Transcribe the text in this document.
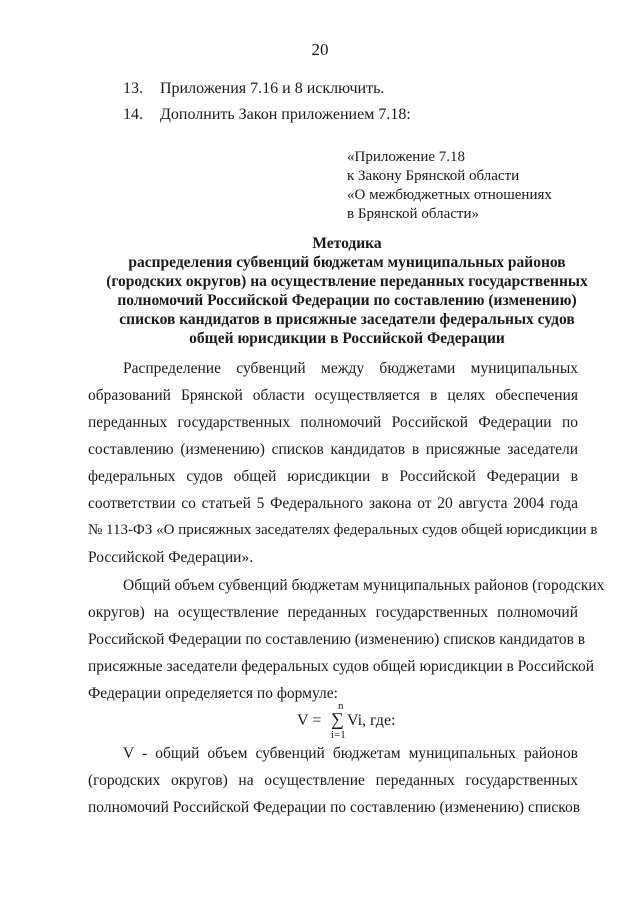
20
13. Приложения 7.16 и 8 исключить.
14. Дополнить Закон приложением 7.18:
«Приложение 7.18
к Закону Брянской области
«О межбюджетных отношениях
в Брянской области»
Методика
распределения субвенций бюджетам муниципальных районов
(городских округов) на осуществление переданных государственных
полномочий Российской Федерации по составлению (изменению)
списков кандидатов в присяжные заседатели федеральных судов
общей юрисдикции в Российской Федерации
Распределение субвенций между бюджетами муниципальных
образований Брянской области осуществляется в целях обеспечения
переданных государственных полномочий Российской Федерации по
составлению (изменению) списков кандидатов в присяжные заседатели
федеральных судов общей юрисдикции в Российской Федерации в
соответствии со статьей 5 Федерального закона от 20 августа 2004 года
№ 113-ФЗ «О присяжных заседателях федеральных судов общей юрисдикции в
Российской Федерации».
Общий объем субвенций бюджетам муниципальных районов (городских
округов) на осуществление переданных государственных полномочий
Российской Федерации по составлению (изменению) списков кандидатов в
присяжные заседатели федеральных судов общей юрисдикции в Российской
Федерации определяется по формуле:
n
V = ∑ Vi, где:
i=1
V - общий объем субвенций бюджетам муниципальных районов
(городских округов) на осуществление переданных государственных
полномочий Российской Федерации по составлению (изменению) списков
